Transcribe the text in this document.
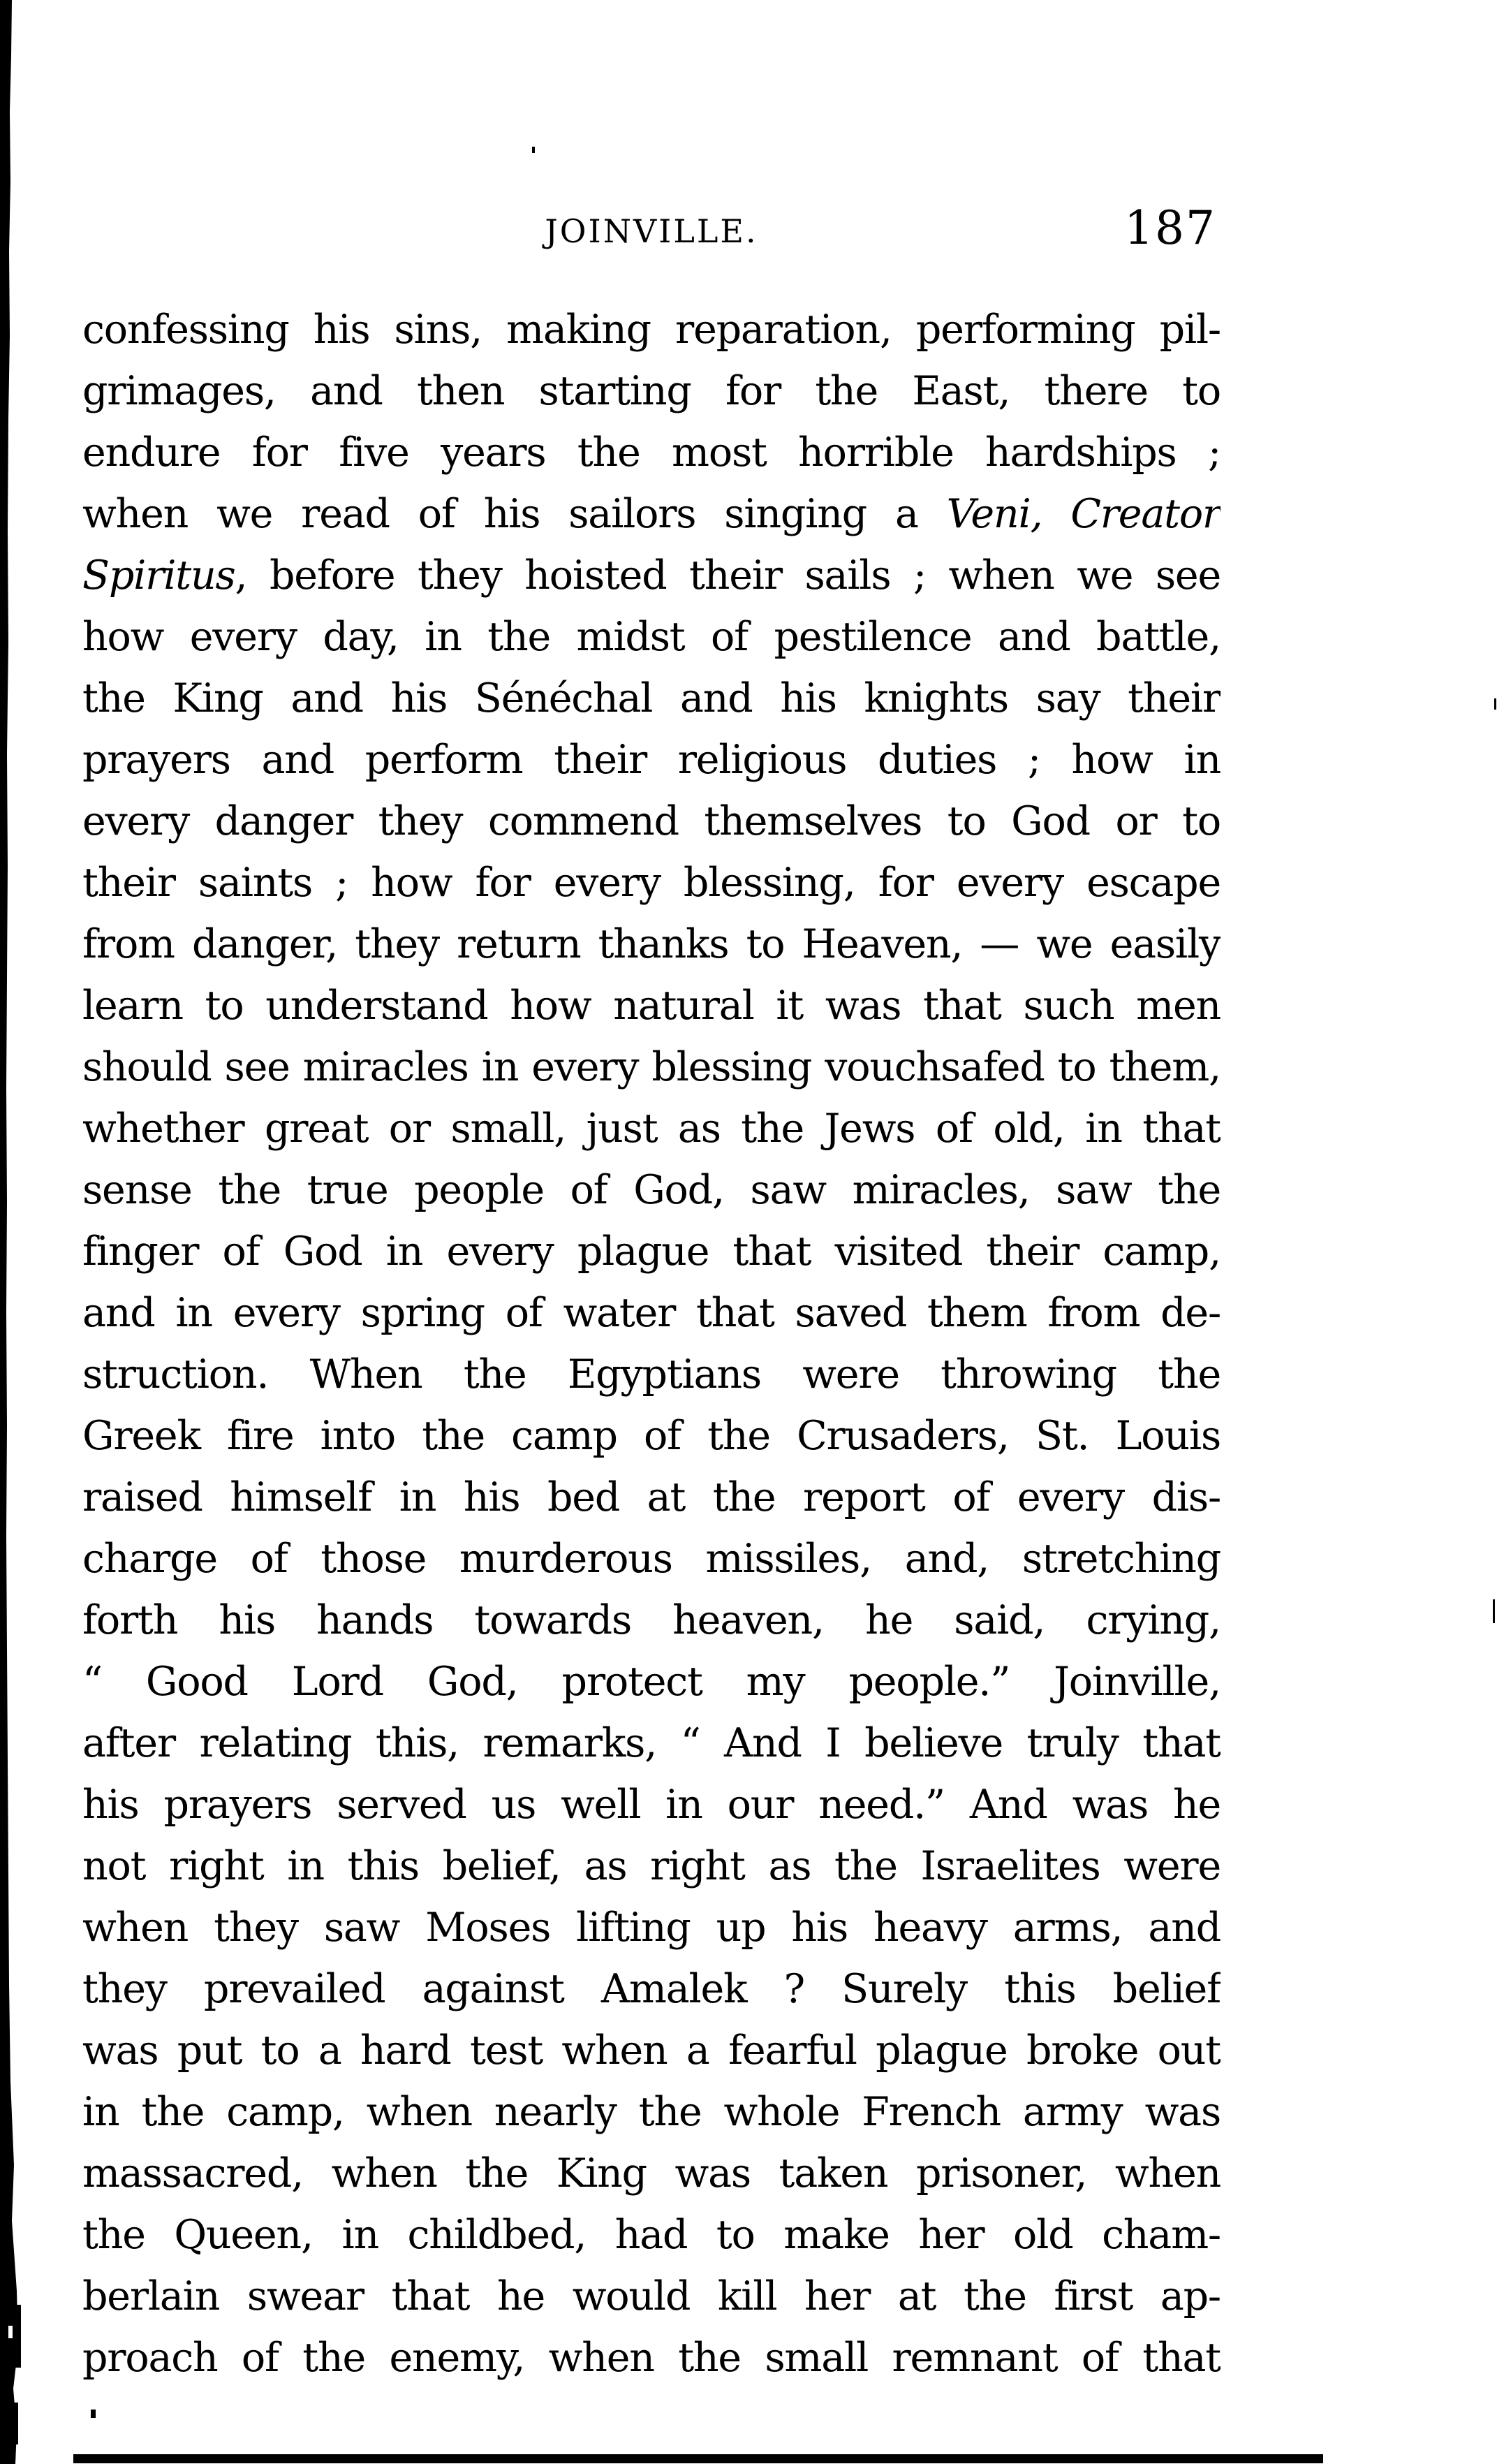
JOINVILLE.	187
confessing his sins, making reparation, performing pil-
grimages, and then starting for the East, there to
endure for five years the most horrible hardships ;
when we read of his sailors singing a Veni, Creator
Spiritus, before they hoisted their sails ; when we see
how every day, in the midst of pestilence and battle,
the King and his Sénéchal and his knights say their
prayers and perform their religious duties ; how in
every danger they commend themselves to God or to
their saints ; how for every blessing, for every escape
from danger, they return thanks to Heaven, — we easily
learn to understand how natural it was that such men
should see miracles in every blessing vouchsafed to them,
whether great or small, just as the Jews of old, in that
sense the true people of God, saw miracles, saw the
finger of God in every plague that visited their camp,
and in every spring of water that saved them from de-
struction. When the Egyptians were throwing the
Greek fire into the camp of the Crusaders, St. Louis
raised himself in his bed at the report of every dis-
charge of those murderous missiles, and, stretching
forth his hands towards heaven, he said, crying,
“ Good Lord God, protect my people.” Joinville,
after relating this, remarks, “ And I believe truly that
his prayers served us well in our need.” And was he
not right in this belief, as right as the Israelites were
when they saw Moses lifting up his heavy arms, and
they prevailed against Amalek ? Surely this belief
was put to a hard test when a fearful plague broke out
in the camp, when nearly the whole French army was
massacred, when the King was taken prisoner, when
the Queen, in childbed, had to make her old cham-
berlain swear that he would kill her at the first ap-
proach of the enemy, when the small remnant of that
